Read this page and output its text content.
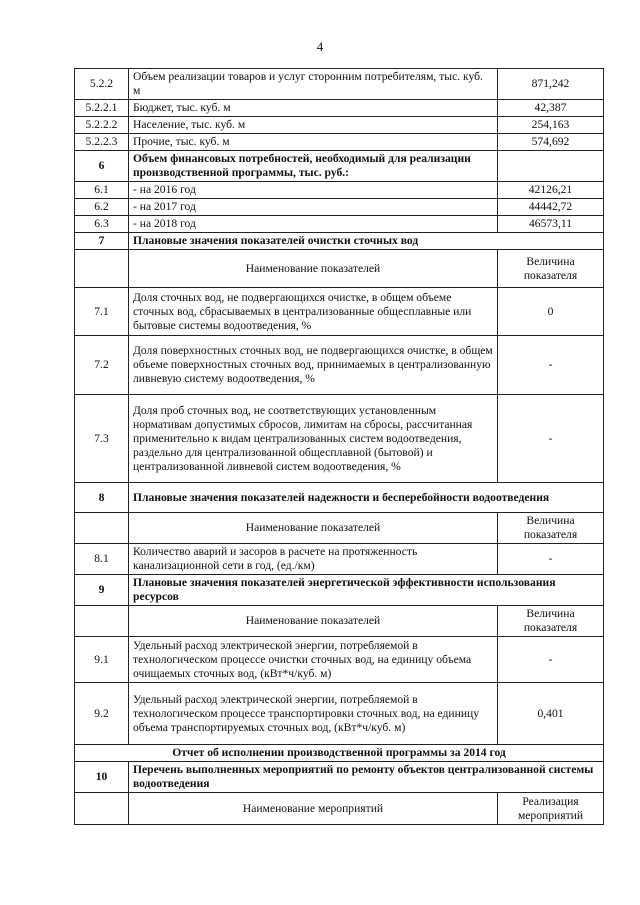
4
5.2.2	Объем реализации товаров и услуг сторонним потребителям, тыс. куб. м	871,242
5.2.2.1	Бюджет, тыс. куб. м	42,387
5.2.2.2	Население, тыс. куб. м	254,163
5.2.2.3	Прочие, тыс. куб. м	574,692
6	Объем финансовых потребностей, необходимый для реализации производственной программы, тыс. руб.:	
6.1	- на 2016 год	42126,21
6.2	- на 2017 год	44442,72
6.3	- на 2018 год	46573,11
7	Плановые значения показателей очистки сточных вод	
	Наименование показателей	Величина показателя
7.1	Доля сточных вод, не подвергающихся очистке, в общем объеме сточных вод, сбрасываемых в централизованные общесплавные или бытовые системы водоотведения, %	0
7.2	Доля поверхностных сточных вод, не подвергающихся очистке, в общем объеме поверхностных сточных вод, принимаемых в централизованную ливневую систему водоотведения, %	-
7.3	Доля проб сточных вод, не соответствующих установленным нормативам допустимых сбросов, лимитам на сбросы, рассчитанная применительно к видам централизованных систем водоотведения, раздельно для централизованной общесплавной (бытовой) и централизованной ливневой систем водоотведения, %	-
8	Плановые значения показателей надежности и бесперебойности водоотведения	
	Наименование показателей	Величина показателя
8.1	Количество аварий и засоров в расчете на протяженность канализационной сети в год, (ед./км)	-
9	Плановые значения показателей энергетической эффективности использования ресурсов	
	Наименование показателей	Величина показателя
9.1	Удельный расход электрической энергии, потребляемой в технологическом процессе очистки сточных вод, на единицу объема очищаемых сточных вод, (кВт*ч/куб. м)	-
9.2	Удельный расход электрической энергии, потребляемой в технологическом процессе транспортировки сточных вод, на единицу объема транспортируемых сточных вод, (кВт*ч/куб. м)	0,401
Отчет об исполнении производственной программы за 2014 год		
10	Перечень выполненных мероприятий по ремонту объектов централизованной системы водоотведения	
	Наименование мероприятий	Реализация мероприятий
